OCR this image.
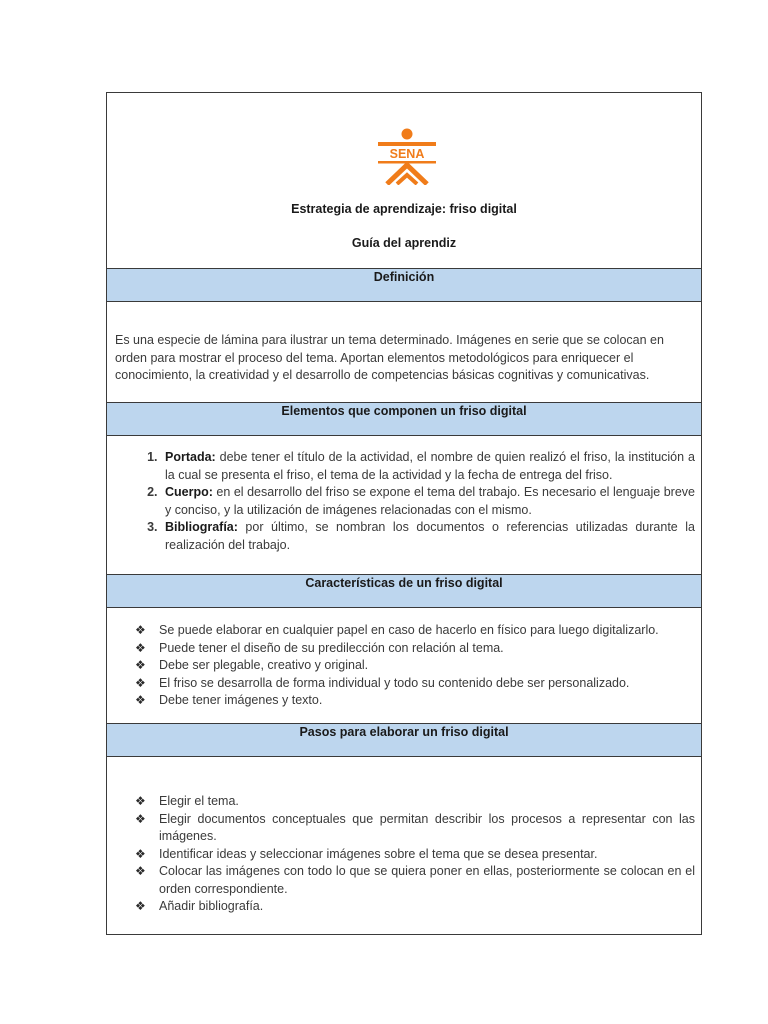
SENA
Estrategia de aprendizaje: friso digital
Guía del aprendiz
Definición
Es una especie de lámina para ilustrar un tema determinado. Imágenes en serie que se colocan en orden para mostrar el proceso del tema. Aportan elementos metodológicos para enriquecer el conocimiento, la creatividad y el desarrollo de competencias básicas cognitivas y comunicativas.
Elementos que componen un friso digital
1. Portada: debe tener el título de la actividad, el nombre de quien realizó el friso, la institución a la cual se presenta el friso, el tema de la actividad y la fecha de entrega del friso.
2. Cuerpo: en el desarrollo del friso se expone el tema del trabajo. Es necesario el lenguaje breve y conciso, y la utilización de imágenes relacionadas con el mismo.
3. Bibliografía: por último, se nombran los documentos o referencias utilizadas durante la realización del trabajo.
Características de un friso digital
❖ Se puede elaborar en cualquier papel en caso de hacerlo en físico para luego digitalizarlo.
❖ Puede tener el diseño de su predilección con relación al tema.
❖ Debe ser plegable, creativo y original.
❖ El friso se desarrolla de forma individual y todo su contenido debe ser personalizado.
❖ Debe tener imágenes y texto.
Pasos para elaborar un friso digital
❖ Elegir el tema.
❖ Elegir documentos conceptuales que permitan describir los procesos a representar con las imágenes.
❖ Identificar ideas y seleccionar imágenes sobre el tema que se desea presentar.
❖ Colocar las imágenes con todo lo que se quiera poner en ellas, posteriormente se colocan en el orden correspondiente.
❖ Añadir bibliografía.
